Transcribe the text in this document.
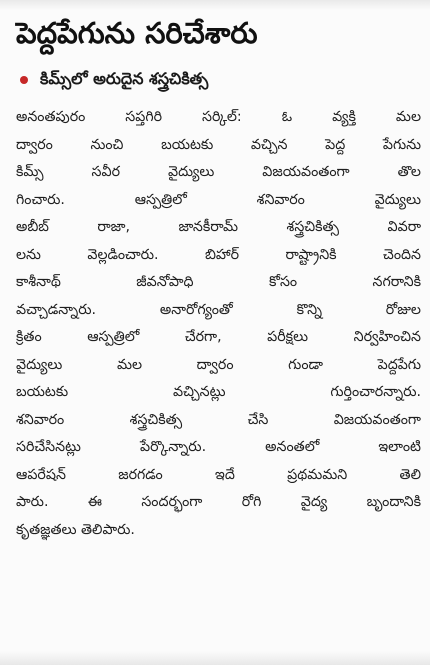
పెద్దపేగును సరిచేశారు
కిమ్స్‌లో అరుదైన శస్త్రచికిత్స
అనంతపురం సప్తగిరి సర్కిల్: ఓ వ్యక్తి మల
ద్వారం నుంచి బయటకు వచ్చిన పెద్ద పేగును
కిమ్స్ సవీర వైద్యులు విజయవంతంగా తొల
గించారు. ఆస్పత్రిలో శనివారం వైద్యులు
అబీబ్ రాజా, జానకీరామ్ శస్త్రచికిత్స వివరా
లను వెల్లడించారు. బిహార్ రాష్ట్రానికి చెందిన
కాశీనాథ్ జీవనోపాధి కోసం నగరానికి
వచ్చాడన్నారు. అనారోగ్యంతో కొన్ని రోజుల
క్రితం ఆస్పత్రిలో చేరగా, పరీక్షలు నిర్వహించిన
వైద్యులు మల ద్వారం గుండా పెద్దపేగు
బయటకు వచ్చినట్లు గుర్తించారన్నారు.
శనివారం శస్త్రచికిత్స చేసి విజయవంతంగా
సరిచేసినట్లు పేర్కొన్నారు. అనంతలో ఇలాంటి
ఆపరేషన్ జరగడం ఇదే ప్రథమమని తెలి
పారు. ఈ సందర్భంగా రోగి వైద్య బృందానికి
కృతజ్ఞతలు తెలిపారు.
